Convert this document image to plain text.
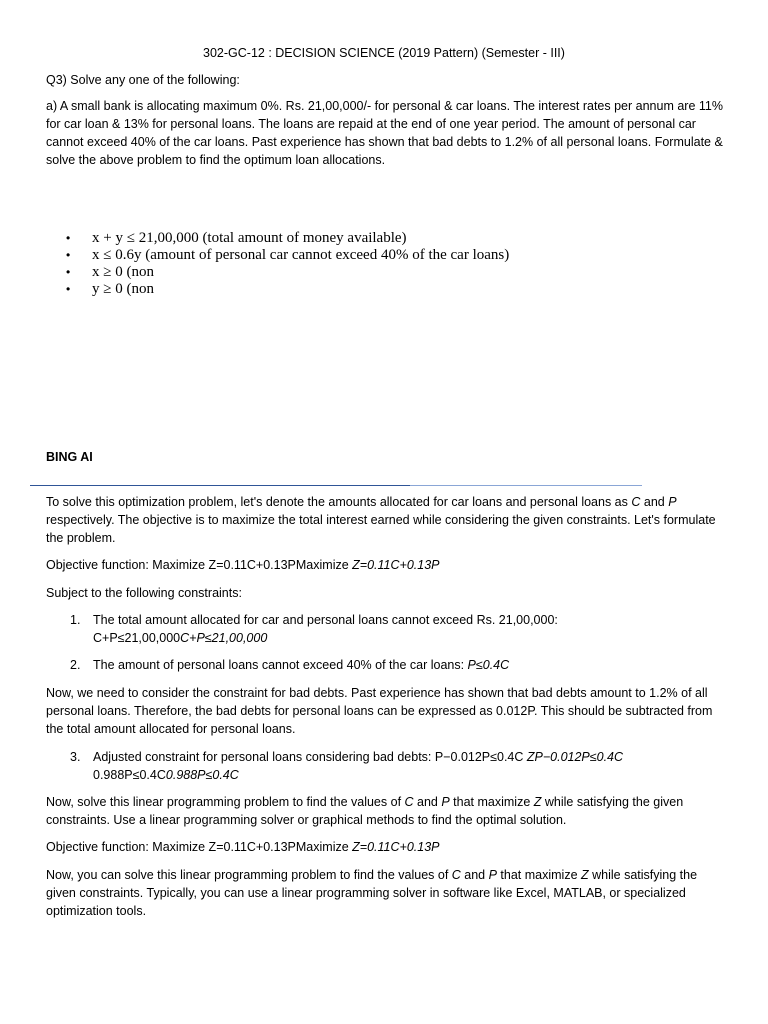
302-GC-12 : DECISION SCIENCE (2019 Pattern) (Semester - III)

Q3) Solve any one of the following:

a) A small bank is allocating maximum 0%. Rs. 21,00,000/- for personal & car loans. The interest rates per annum are 11% for car loan & 13% for personal loans. The loans are repaid at the end of one year period. The amount of personal car cannot exceed 40% of the car loans. Past experience has shown that bad debts to 1.2% of all personal loans. Formulate & solve the above problem to find the optimum loan allocations.

• x + y ≤ 21,00,000 (total amount of money available)
• x ≤ 0.6y (amount of personal car cannot exceed 40% of the car loans)
• x ≥ 0 (non
• y ≥ 0 (non
BING AI

To solve this optimization problem, let's denote the amounts allocated for car loans and personal loans as C and P respectively. The objective is to maximize the total interest earned while considering the given constraints. Let's formulate the problem.

Objective function: Maximize Z=0.11C+0.13PMaximize Z=0.11C+0.13P

Subject to the following constraints:

1.	The total amount allocated for car and personal loans cannot exceed Rs. 21,00,000:
C+P≤21,00,000C+P≤21,00,000
2.	The amount of personal loans cannot exceed 40% of the car loans: P≤0.4C

Now, we need to consider the constraint for bad debts. Past experience has shown that bad debts amount to 1.2% of all personal loans. Therefore, the bad debts for personal loans can be expressed as 0.012P. This should be subtracted from the total amount allocated for personal loans.

3.	Adjusted constraint for personal loans considering bad debts: P−0.012P≤0.4C ZP−0.012P≤0.4C
0.988P≤0.4C0.988P≤0.4C

Now, solve this linear programming problem to find the values of C and P that maximize Z while satisfying the given constraints. Use a linear programming solver or graphical methods to find the optimal solution.

Objective function: Maximize Z=0.11C+0.13PMaximize Z=0.11C+0.13P

Now, you can solve this linear programming problem to find the values of C and P that maximize Z while satisfying the given constraints. Typically, you can use a linear programming solver in software like Excel, MATLAB, or specialized optimization tools.
